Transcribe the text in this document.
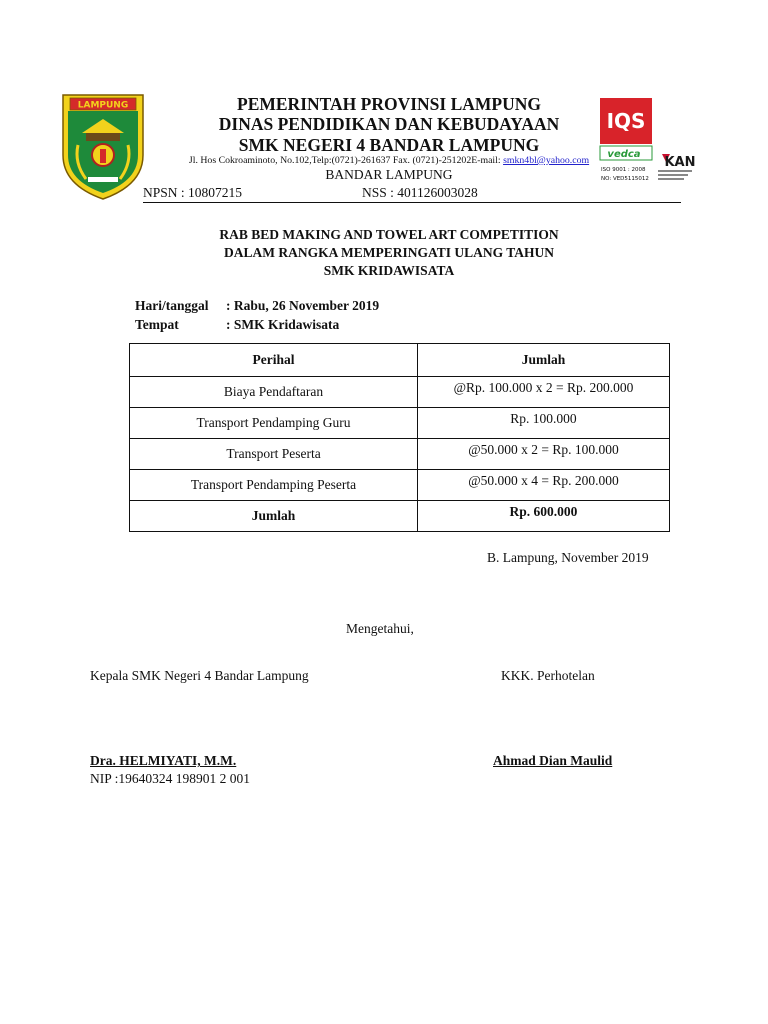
LAMPUNG	PEMERINTAH PROVINSI LAMPUNG
DINAS PENDIDIKAN DAN KEBUDAYAAN
SMK NEGERI 4 BANDAR LAMPUNG
Jl. Hos Cokroaminoto, No.102,Telp:(0721)-261637 Fax. (0721)-251202E-mail: smkn4bl@yahoo.com
BANDAR LAMPUNG
NPSN : 10807215	NSS : 401126003028
IQS
vedca
ISO 9001 : 2008
NO: VED5115012
KAN
RAB BED MAKING AND TOWEL ART COMPETITION
DALAM RANGKA MEMPERINGATI ULANG TAHUN
SMK KRIDAWISATA
Hari/tanggal : Rabu, 26 November 2019
Tempat	: SMK Kridawisata
Perihal	Jumlah
Biaya Pendaftaran	@Rp. 100.000 x 2 = Rp. 200.000
Transport Pendamping Guru	Rp. 100.000
Transport Peserta	@50.000 x 2 = Rp. 100.000
Transport Pendamping Peserta	@50.000 x 4 = Rp. 200.000
Jumlah	Rp. 600.000
B. Lampung, November 2019
Mengetahui,
Kepala SMK Negeri 4 Bandar Lampung	KKK. Perhotelan
Dra. HELMIYATI, M.M.
NIP :19640324 198901 2 001
Ahmad Dian Maulid
